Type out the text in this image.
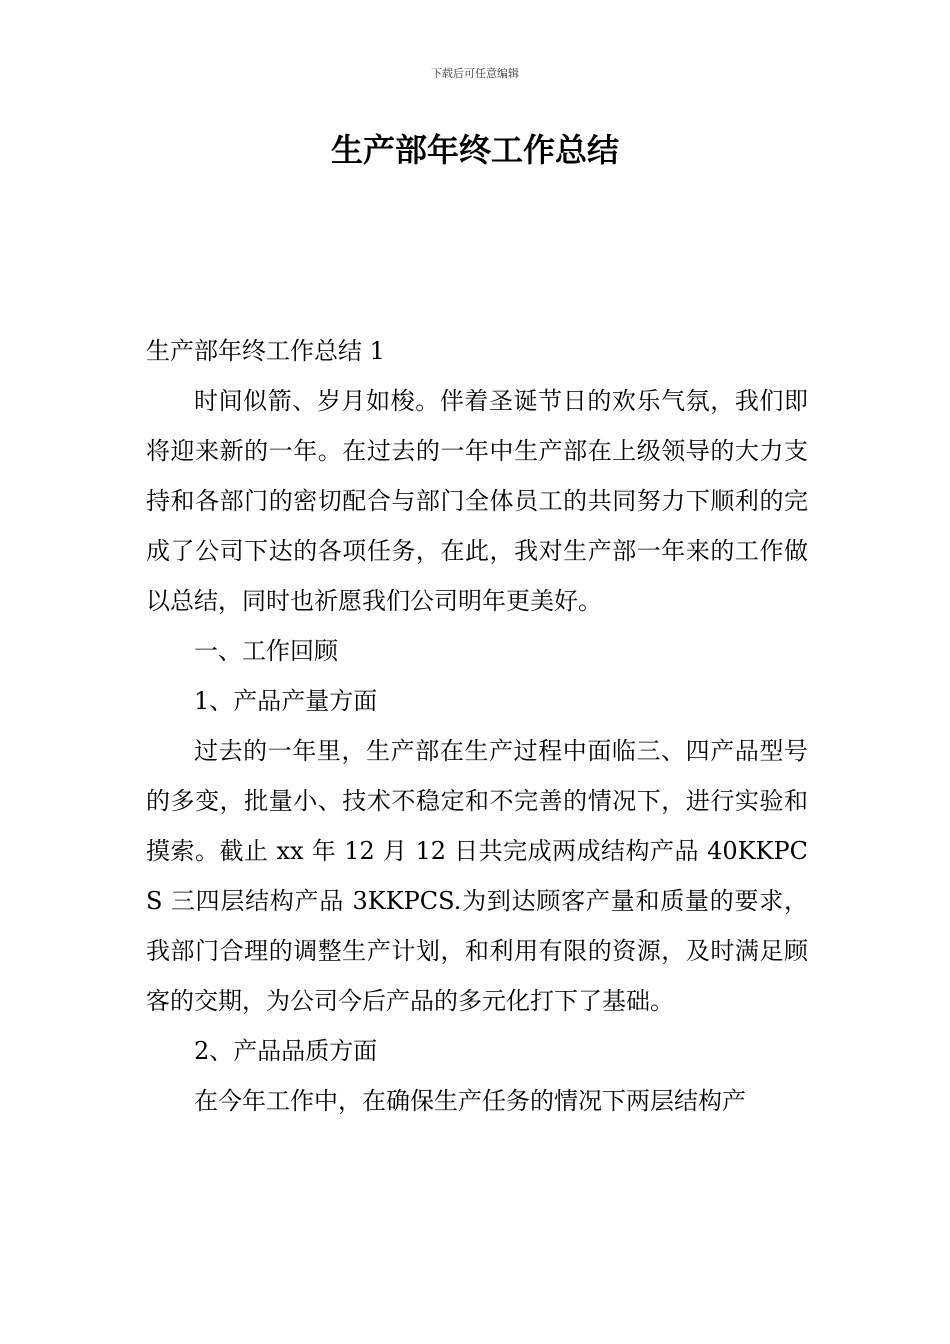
下载后可任意编辑
生产部年终工作总结

生产部年终工作总结 1

时间似箭、岁月如梭。伴着圣诞节日的欢乐气氛，我们即将迎来新的一年。在过去的一年中生产部在上级领导的大力支持和各部门的密切配合与部门全体员工的共同努力下顺利的完成了公司下达的各项任务，在此，我对生产部一年来的工作做以总结，同时也祈愿我们公司明年更美好。

一、工作回顾

1、产品产量方面

过去的一年里，生产部在生产过程中面临三、四产品型号的多变，批量小、技术不稳定和不完善的情况下，进行实验和摸索。截止 xx 年 12 月 12 日共完成两成结构产品 40KKPCS 三四层结构产品 3KKPCS.为到达顾客产量和质量的要求，我部门合理的调整生产计划，和利用有限的资源，及时满足顾客的交期，为公司今后产品的多元化打下了基础。

2、产品品质方面

在今年工作中，在确保生产任务的情况下两层结构产
